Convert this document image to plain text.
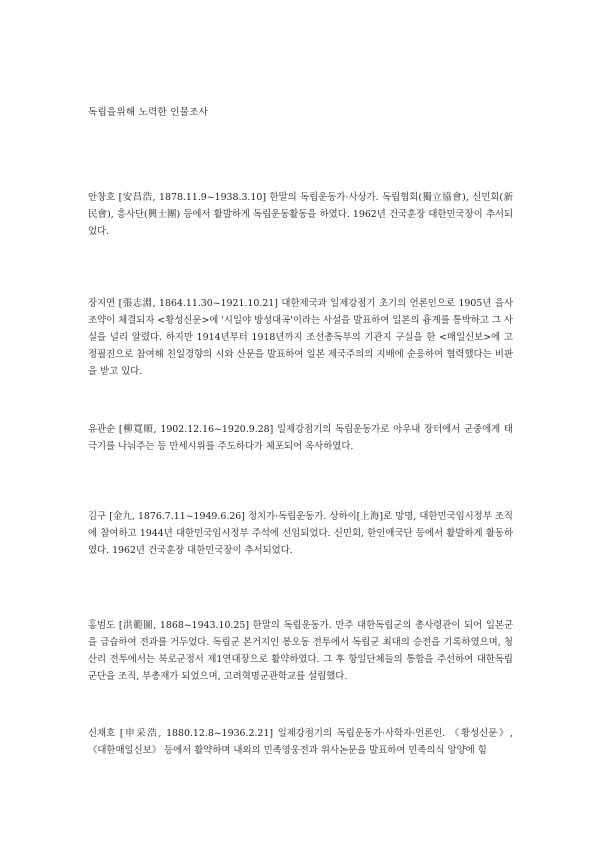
독립을위해 노력한 인물조사

안창호 [安昌浩, 1878.11.9~1938.3.10] 한말의 독립운동가·사상가. 독립협회(獨立協會), 신민회(新民會), 흥사단(興士團) 등에서 활발하게 독립운동활동을 하였다. 1962년 건국훈장 대한민국장이 추서되었다.

장지연 [張志淵, 1864.11.30~1921.10.21] 대한제국과 일제강점기 초기의 언론인으로 1905년 을사조약이 체결되자 <황성신문>에 '시일야 방성대곡'이라는 사설을 발표하여 일본의 흉계를 통박하고 그 사실을 널리 알렸다. 하지만 1914년부터 1918년까지 조선총독부의 기관지 구실을 한 <매일신보>에 고정필진으로 참여해 친일경향의 시와 산문을 발표하여 일본 제국주의의 지배에 순응하여 협력했다는 비판을 받고 있다.

유관순 [柳寬順, 1902.12.16~1920.9.28] 일제강점기의 독립운동가로 아우내 장터에서 군중에게 태극기를 나눠주는 등 만세시위를 주도하다가 체포되어 옥사하였다.

김구 [金九, 1876.7.11~1949.6.26] 정치가·독립운동가. 상하이[上海]로 망명, 대한민국임시정부 조직에 참여하고 1944년 대한민국임시정부 주석에 선임되었다. 신민회, 한인애국단 등에서 활발하게 활동하였다. 1962년 건국훈장 대한민국장이 추서되었다.

홍범도 [洪範圖, 1868~1943.10.25] 한말의 독립운동가. 만주 대한독립군의 총사령관이 되어 일본군을 급습하여 전과를 거두었다. 독립군 본거지인 봉오동 전투에서 독립군 최대의 승전을 기록하였으며, 청산리 전투에서는 북로군정서 제1연대장으로 활약하였다. 그 후 항일단체들의 통합을 주선하여 대한독립군단을 조직, 부총재가 되었으며, 고려혁명군관학교를 설립했다.

신채호 [申采浩, 1880.12.8~1936.2.21] 일제강점기의 독립운동가·사학자·언론인. 《황성신문》, 《대한매일신보》 등에서 활약하며 내외의 민족영웅전과 위사논문을 발표하여 민족의식 앙양에 힘
